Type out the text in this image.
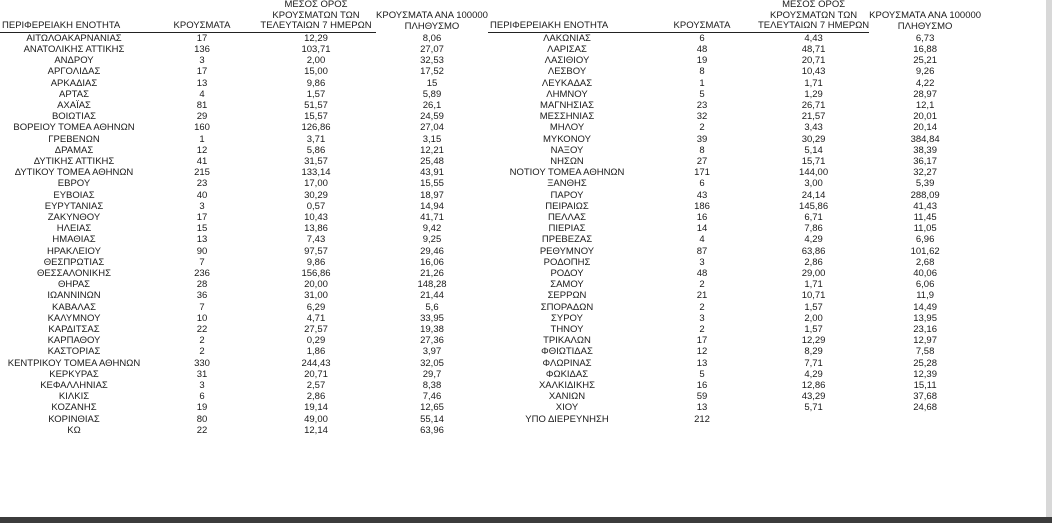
ΠΕΡΙΦΕΡΕΙΑΚΗ ΕΝΟΤΗΤΑ	ΚΡΟΥΣΜΑΤΑ	ΜΕΣΟΣ ΟΡΟΣ
ΚΡΟΥΣΜΑΤΩΝ ΤΩΝ
ΤΕΛΕΥΤΑΙΩΝ 7 ΗΜΕΡΩΝ	ΚΡΟΥΣΜΑΤΑ ΑΝΑ 100000
ΠΛΗΘΥΣΜΟ	ΠΕΡΙΦΕΡΕΙΑΚΗ ΕΝΟΤΗΤΑ	ΚΡΟΥΣΜΑΤΑ	ΜΕΣΟΣ ΟΡΟΣ
ΚΡΟΥΣΜΑΤΩΝ ΤΩΝ
ΤΕΛΕΥΤΑΙΩΝ 7 ΗΜΕΡΩΝ	ΚΡΟΥΣΜΑΤΑ ΑΝΑ 100000
ΠΛΗΘΥΣΜΟ

ΑΙΤΩΛΟΑΚΑΡΝΑΝΙΑΣ	17	12,29	8,06	ΛΑΚΩΝΙΑΣ	6	4,43	6,73
ΑΝΑΤΟΛΙΚΗΣ ΑΤΤΙΚΗΣ	136	103,71	27,07	ΛΑΡΙΣΑΣ	48	48,71	16,88
ΑΝΔΡΟΥ	3	2,00	32,53	ΛΑΣΙΘΙΟΥ	19	20,71	25,21
ΑΡΓΟΛΙΔΑΣ	17	15,00	17,52	ΛΕΣΒΟΥ	8	10,43	9,26
ΑΡΚΑΔΙΑΣ	13	9,86	15	ΛΕΥΚΑΔΑΣ	1	1,71	4,22
ΑΡΤΑΣ	4	1,57	5,89	ΛΗΜΝΟΥ	5	1,29	28,97
ΑΧΑΪΑΣ	81	51,57	26,1	ΜΑΓΝΗΣΙΑΣ	23	26,71	12,1
ΒΟΙΩΤΙΑΣ	29	15,57	24,59	ΜΕΣΣΗΝΙΑΣ	32	21,57	20,01
ΒΟΡΕΙΟΥ ΤΟΜΕΑ ΑΘΗΝΩΝ	160	126,86	27,04	ΜΗΛΟΥ	2	3,43	20,14
ΓΡΕΒΕΝΩΝ	1	3,71	3,15	ΜΥΚΟΝΟΥ	39	30,29	384,84
ΔΡΑΜΑΣ	12	5,86	12,21	ΝΑΞΟΥ	8	5,14	38,39
ΔΥΤΙΚΗΣ ΑΤΤΙΚΗΣ	41	31,57	25,48	ΝΗΣΩΝ	27	15,71	36,17
ΔΥΤΙΚΟΥ ΤΟΜΕΑ ΑΘΗΝΩΝ	215	133,14	43,91	ΝΟΤΙΟΥ ΤΟΜΕΑ ΑΘΗΝΩΝ	171	144,00	32,27
ΕΒΡΟΥ	23	17,00	15,55	ΞΑΝΘΗΣ	6	3,00	5,39
ΕΥΒΟΙΑΣ	40	30,29	18,97	ΠΑΡΟΥ	43	24,14	288,09
ΕΥΡΥΤΑΝΙΑΣ	3	0,57	14,94	ΠΕΙΡΑΙΩΣ	186	145,86	41,43
ΖΑΚΥΝΘΟΥ	17	10,43	41,71	ΠΕΛΛΑΣ	16	6,71	11,45
ΗΛΕΙΑΣ	15	13,86	9,42	ΠΙΕΡΙΑΣ	14	7,86	11,05
ΗΜΑΘΙΑΣ	13	7,43	9,25	ΠΡΕΒΕΖΑΣ	4	4,29	6,96
ΗΡΑΚΛΕΙΟΥ	90	97,57	29,46	ΡΕΘΥΜΝΟΥ	87	63,86	101,62
ΘΕΣΠΡΩΤΙΑΣ	7	9,86	16,06	ΡΟΔΟΠΗΣ	3	2,86	2,68
ΘΕΣΣΑΛΟΝΙΚΗΣ	236	156,86	21,26	ΡΟΔΟΥ	48	29,00	40,06
ΘΗΡΑΣ	28	20,00	148,28	ΣΑΜΟΥ	2	1,71	6,06
ΙΩΑΝΝΙΝΩΝ	36	31,00	21,44	ΣΕΡΡΩΝ	21	10,71	11,9
ΚΑΒΑΛΑΣ	7	6,29	5,6	ΣΠΟΡΑΔΩΝ	2	1,57	14,49
ΚΑΛΥΜΝΟΥ	10	4,71	33,95	ΣΥΡΟΥ	3	2,00	13,95
ΚΑΡΔΙΤΣΑΣ	22	27,57	19,38	ΤΗΝΟΥ	2	1,57	23,16
ΚΑΡΠΑΘΟΥ	2	0,29	27,36	ΤΡΙΚΑΛΩΝ	17	12,29	12,97
ΚΑΣΤΟΡΙΑΣ	2	1,86	3,97	ΦΘΙΩΤΙΔΑΣ	12	8,29	7,58
ΚΕΝΤΡΙΚΟΥ ΤΟΜΕΑ ΑΘΗΝΩΝ	330	244,43	32,05	ΦΛΩΡΙΝΑΣ	13	7,71	25,28
ΚΕΡΚΥΡΑΣ	31	20,71	29,7	ΦΩΚΙΔΑΣ	5	4,29	12,39
ΚΕΦΑΛΛΗΝΙΑΣ	3	2,57	8,38	ΧΑΛΚΙΔΙΚΗΣ	16	12,86	15,11
ΚΙΛΚΙΣ	6	2,86	7,46	ΧΑΝΙΩΝ	59	43,29	37,68
ΚΟΖΑΝΗΣ	19	19,14	12,65	ΧΙΟΥ	13	5,71	24,68
ΚΟΡΙΝΘΙΑΣ	80	49,00	55,14	ΥΠΟ ΔΙΕΡΕΥΝΗΣΗ	212		
ΚΩ	22	12,14	63,96				
